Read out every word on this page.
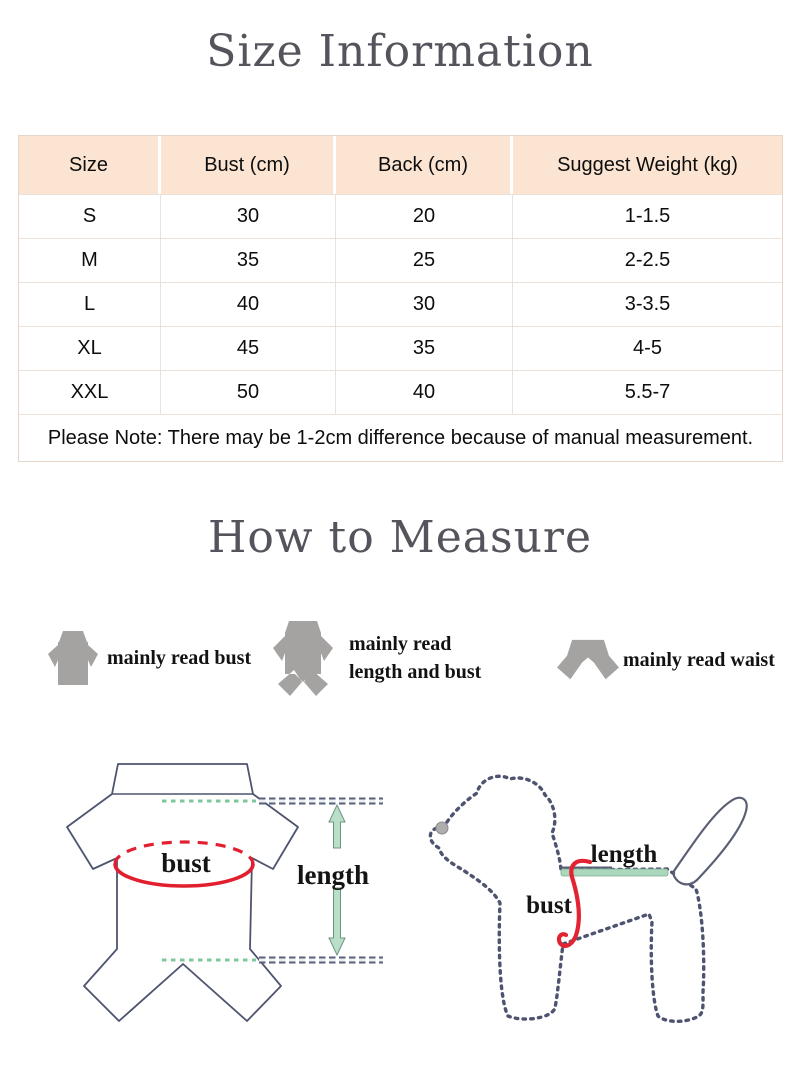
Size Information
Size	Bust (cm)	Back (cm)	Suggest Weight (kg)
S	30	20	1-1.5
M	35	25	2-2.5
L	40	30	3-3.5
XL	45	35	4-5
XXL	50	40	5.5-7
Please Note: There may be 1-2cm difference because of manual measurement.
How to Measure
mainly read bust
mainly read
length and bust
mainly read waist
bust	length
length
bust
